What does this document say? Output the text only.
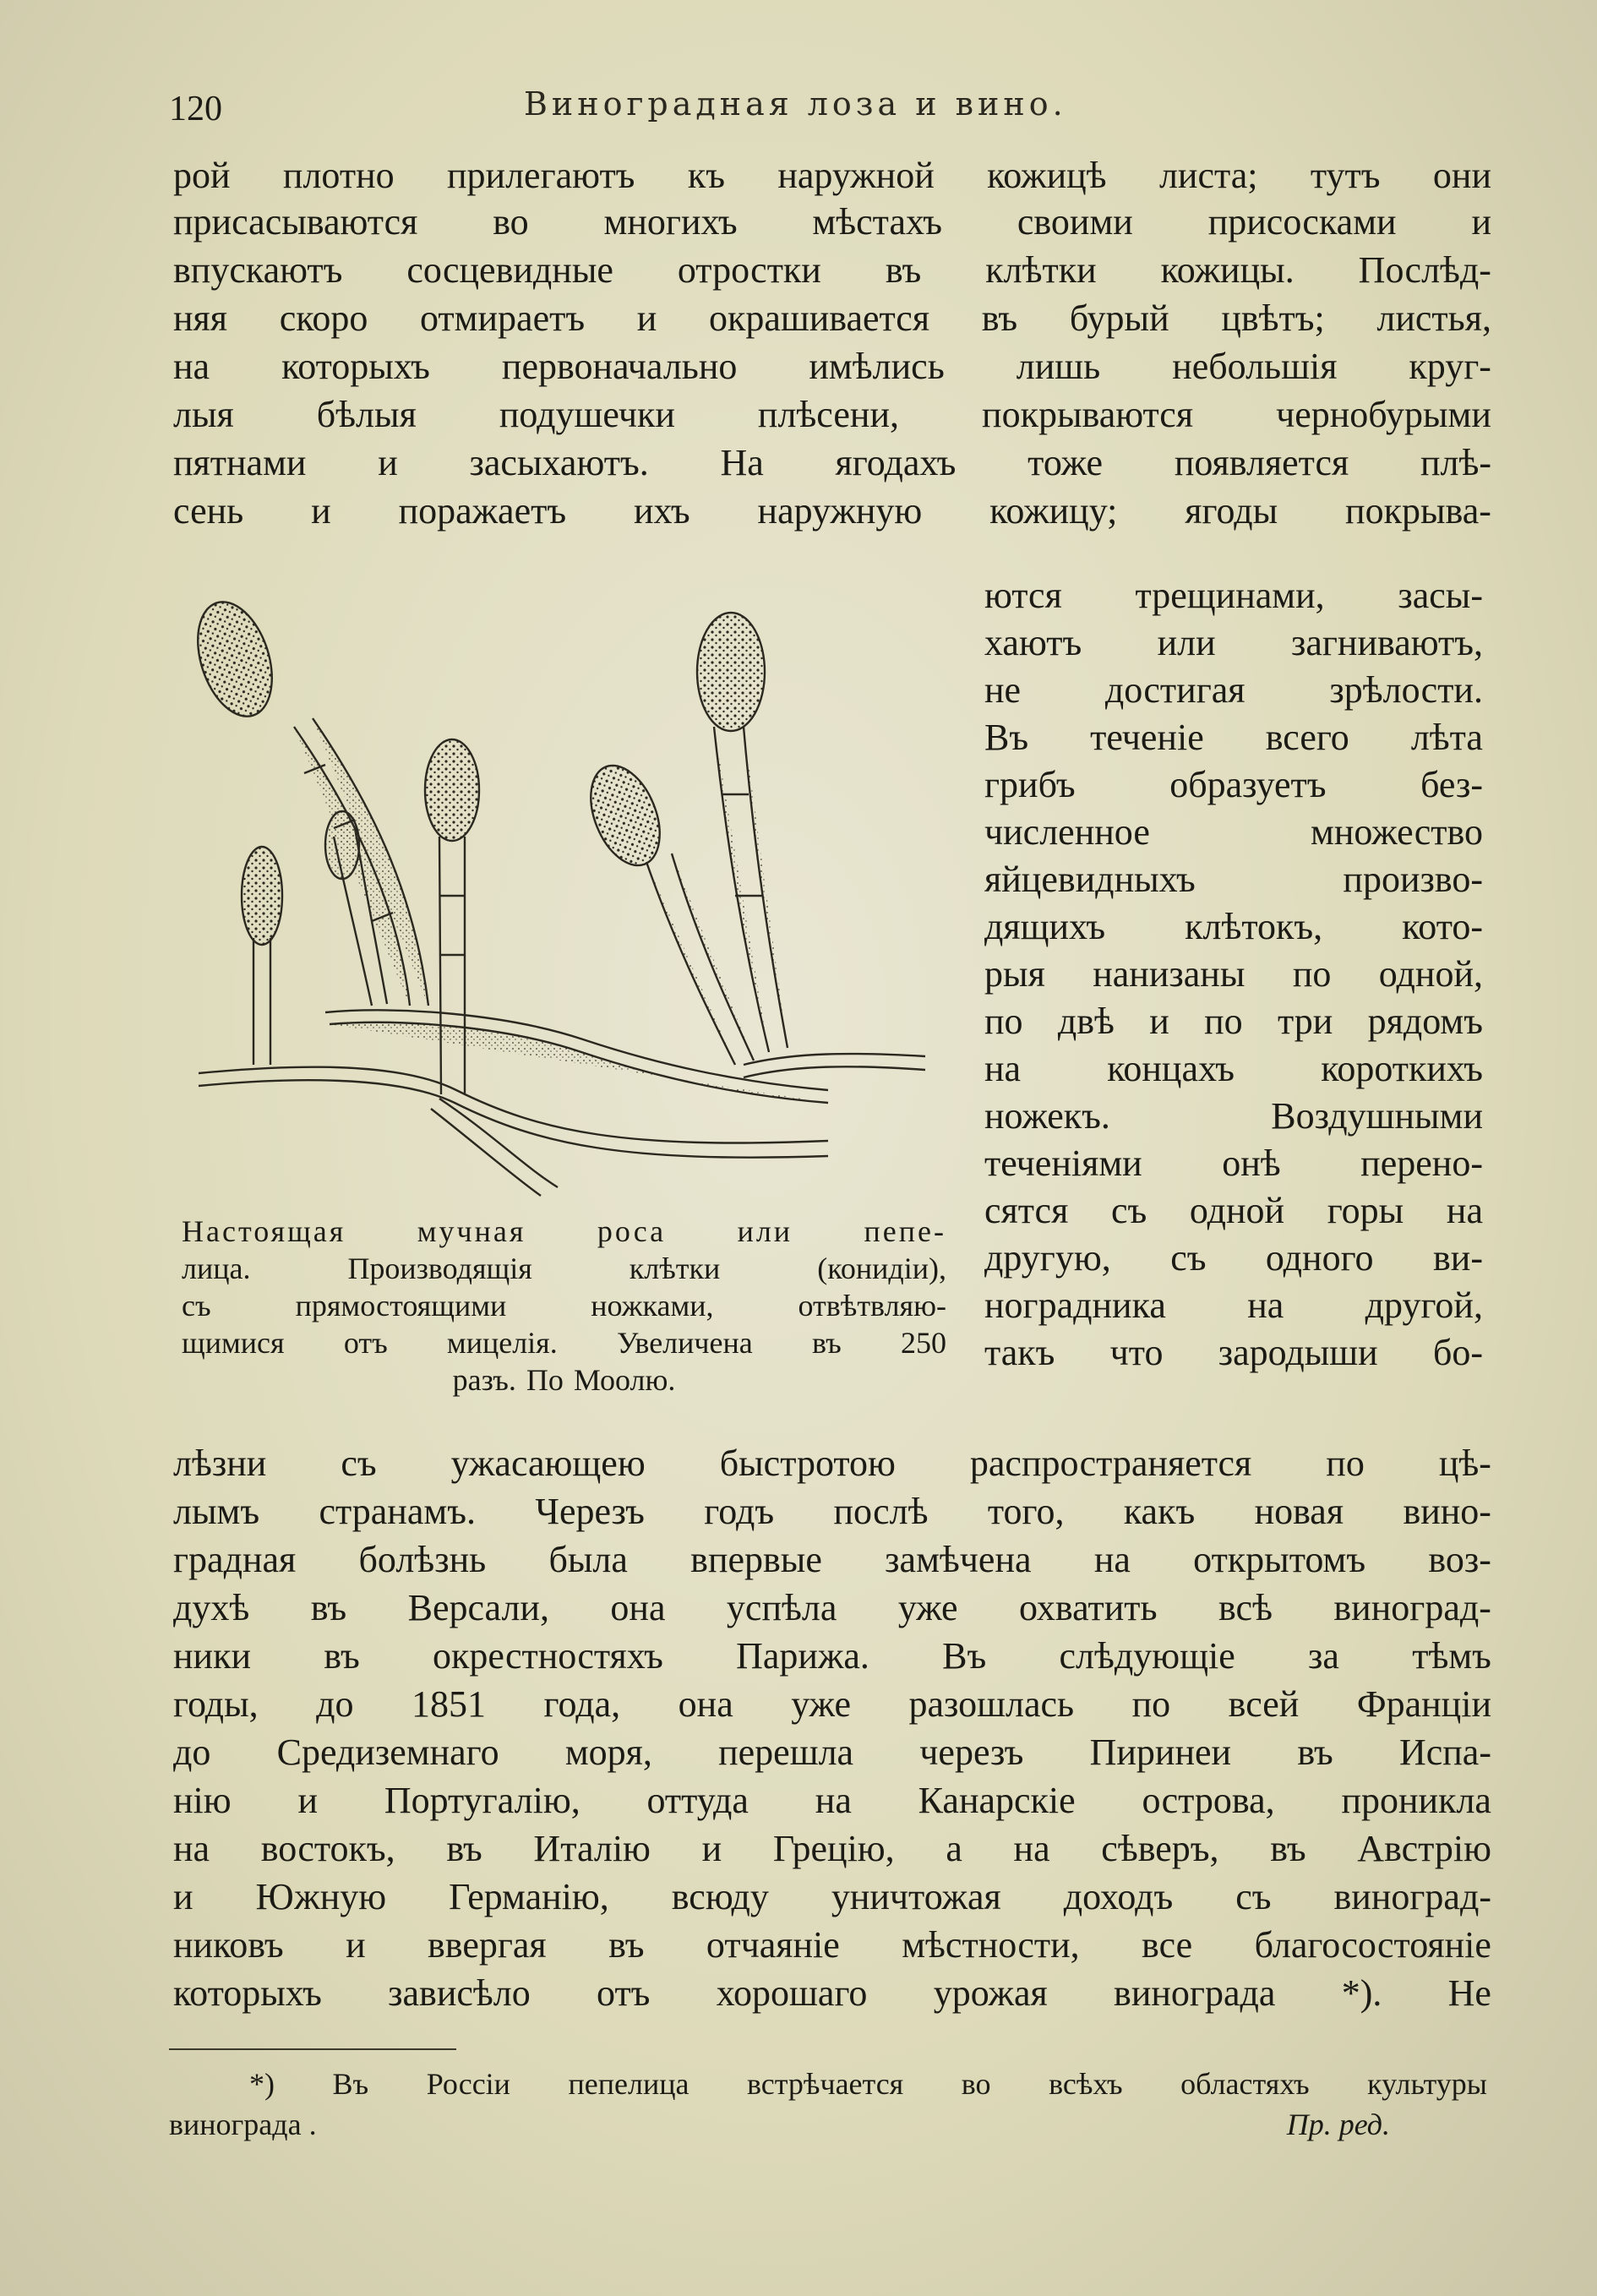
120	Виноградная лоза и вино.
рой плотно прилегаютъ къ наружной кожицѣ листа; тутъ они
присасываются во многихъ мѣстахъ своими присосками и
впускаютъ сосцевидные отростки въ клѣтки кожицы. Послѣд-
няя скоро отмираетъ и окрашивается въ бурый цвѣтъ; листья,
на которыхъ первоначально имѣлись лишь небольшія круг-
лыя бѣлыя подушечки плѣсени, покрываются чернобурыми
пятнами и засыхаютъ. На ягодахъ тоже появляется плѣ-
сень и поражаетъ ихъ наружную кожицу; ягоды покрыва-
ются трещинами, засы-
хаютъ или загниваютъ,
не достигая зрѣлости.
Въ теченіе всего лѣта
грибъ	образуетъ	без-
численное	множество
яйцевидныхъ	произво-
дящихъ клѣтокъ, кото-
рыя нанизаны по одной,
по двѣ и по три рядомъ
на концахъ короткихъ
ножекъ.	Воздушными
теченіями онѣ перено-
сятся съ одной горы на
другую, съ одного ви-
ноградника на другой,
такъ что зародыши бо-
Настоящая мучная роса или пепе-
лица.	Производящія	клѣтки	(конидіи),
съ	прямостоящими	ножками,	отвѣтвляю-
щимися отъ мицелія. Увеличена въ 250
разъ. По Моолю.
лѣзни съ ужасающею быстротою распространяется по цѣ-
лымъ странамъ. Черезъ годъ послѣ того, какъ новая вино-
градная болѣзнь была впервые замѣчена на открытомъ воз-
духѣ въ Версали, она успѣла уже охватить всѣ виноград-
ники въ окрестностяхъ Парижа. Въ слѣдующіе за тѣмъ
годы, до 1851 года, она уже разошлась по всей Франціи
до Средиземнаго моря, перешла черезъ Пиринеи въ Испа-
нію и Португалію, оттуда на Канарскіе острова, проникла
на востокъ, въ Италію и Грецію, а на сѣверъ, въ Австрію
и Южную Германію, всюду уничтожая доходъ съ виноград-
никовъ и ввергая въ отчаяніе мѣстности, все благосостояніе
которыхъ зависѣло отъ хорошаго урожая винограда *). Не
*) Въ Россіи пепелица встрѣчается во всѣхъ областяхъ культуры
винограда .	Пр. ред.
